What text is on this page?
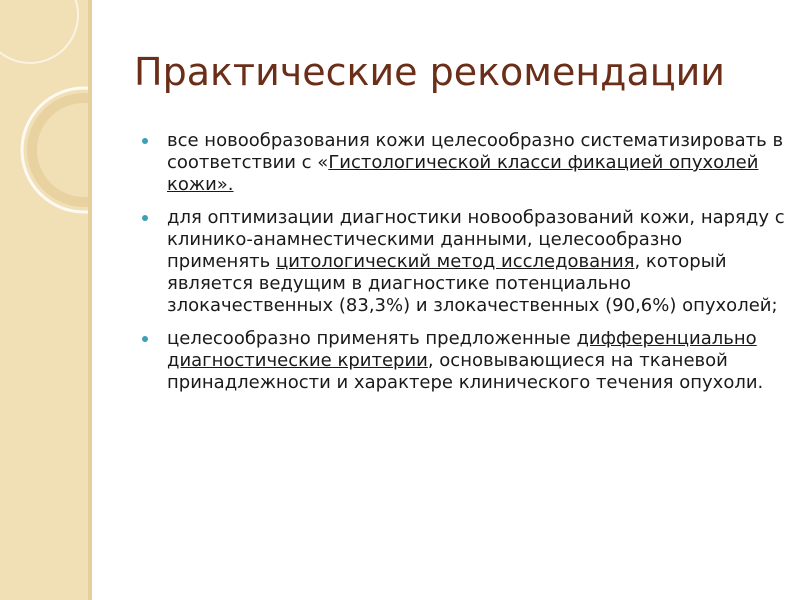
Практические рекомендации
все новообразования кожи целесообразно систематизировать в соответствии с «Гистологической класси фикацией опухолей кожи».
для оптимизации диагностики новообразований кожи, наряду с клинико-анамнестическими данными, целесообразно применять цитологический метод исследования, который является ведущим в диагностике потенциально злокачественных (83,3%) и злокачественных (90,6%) опухолей;
целесообразно применять предложенные дифференциально диагностические критерии, основывающиеся на тканевой принадлежности и характере клинического течения опухоли.
